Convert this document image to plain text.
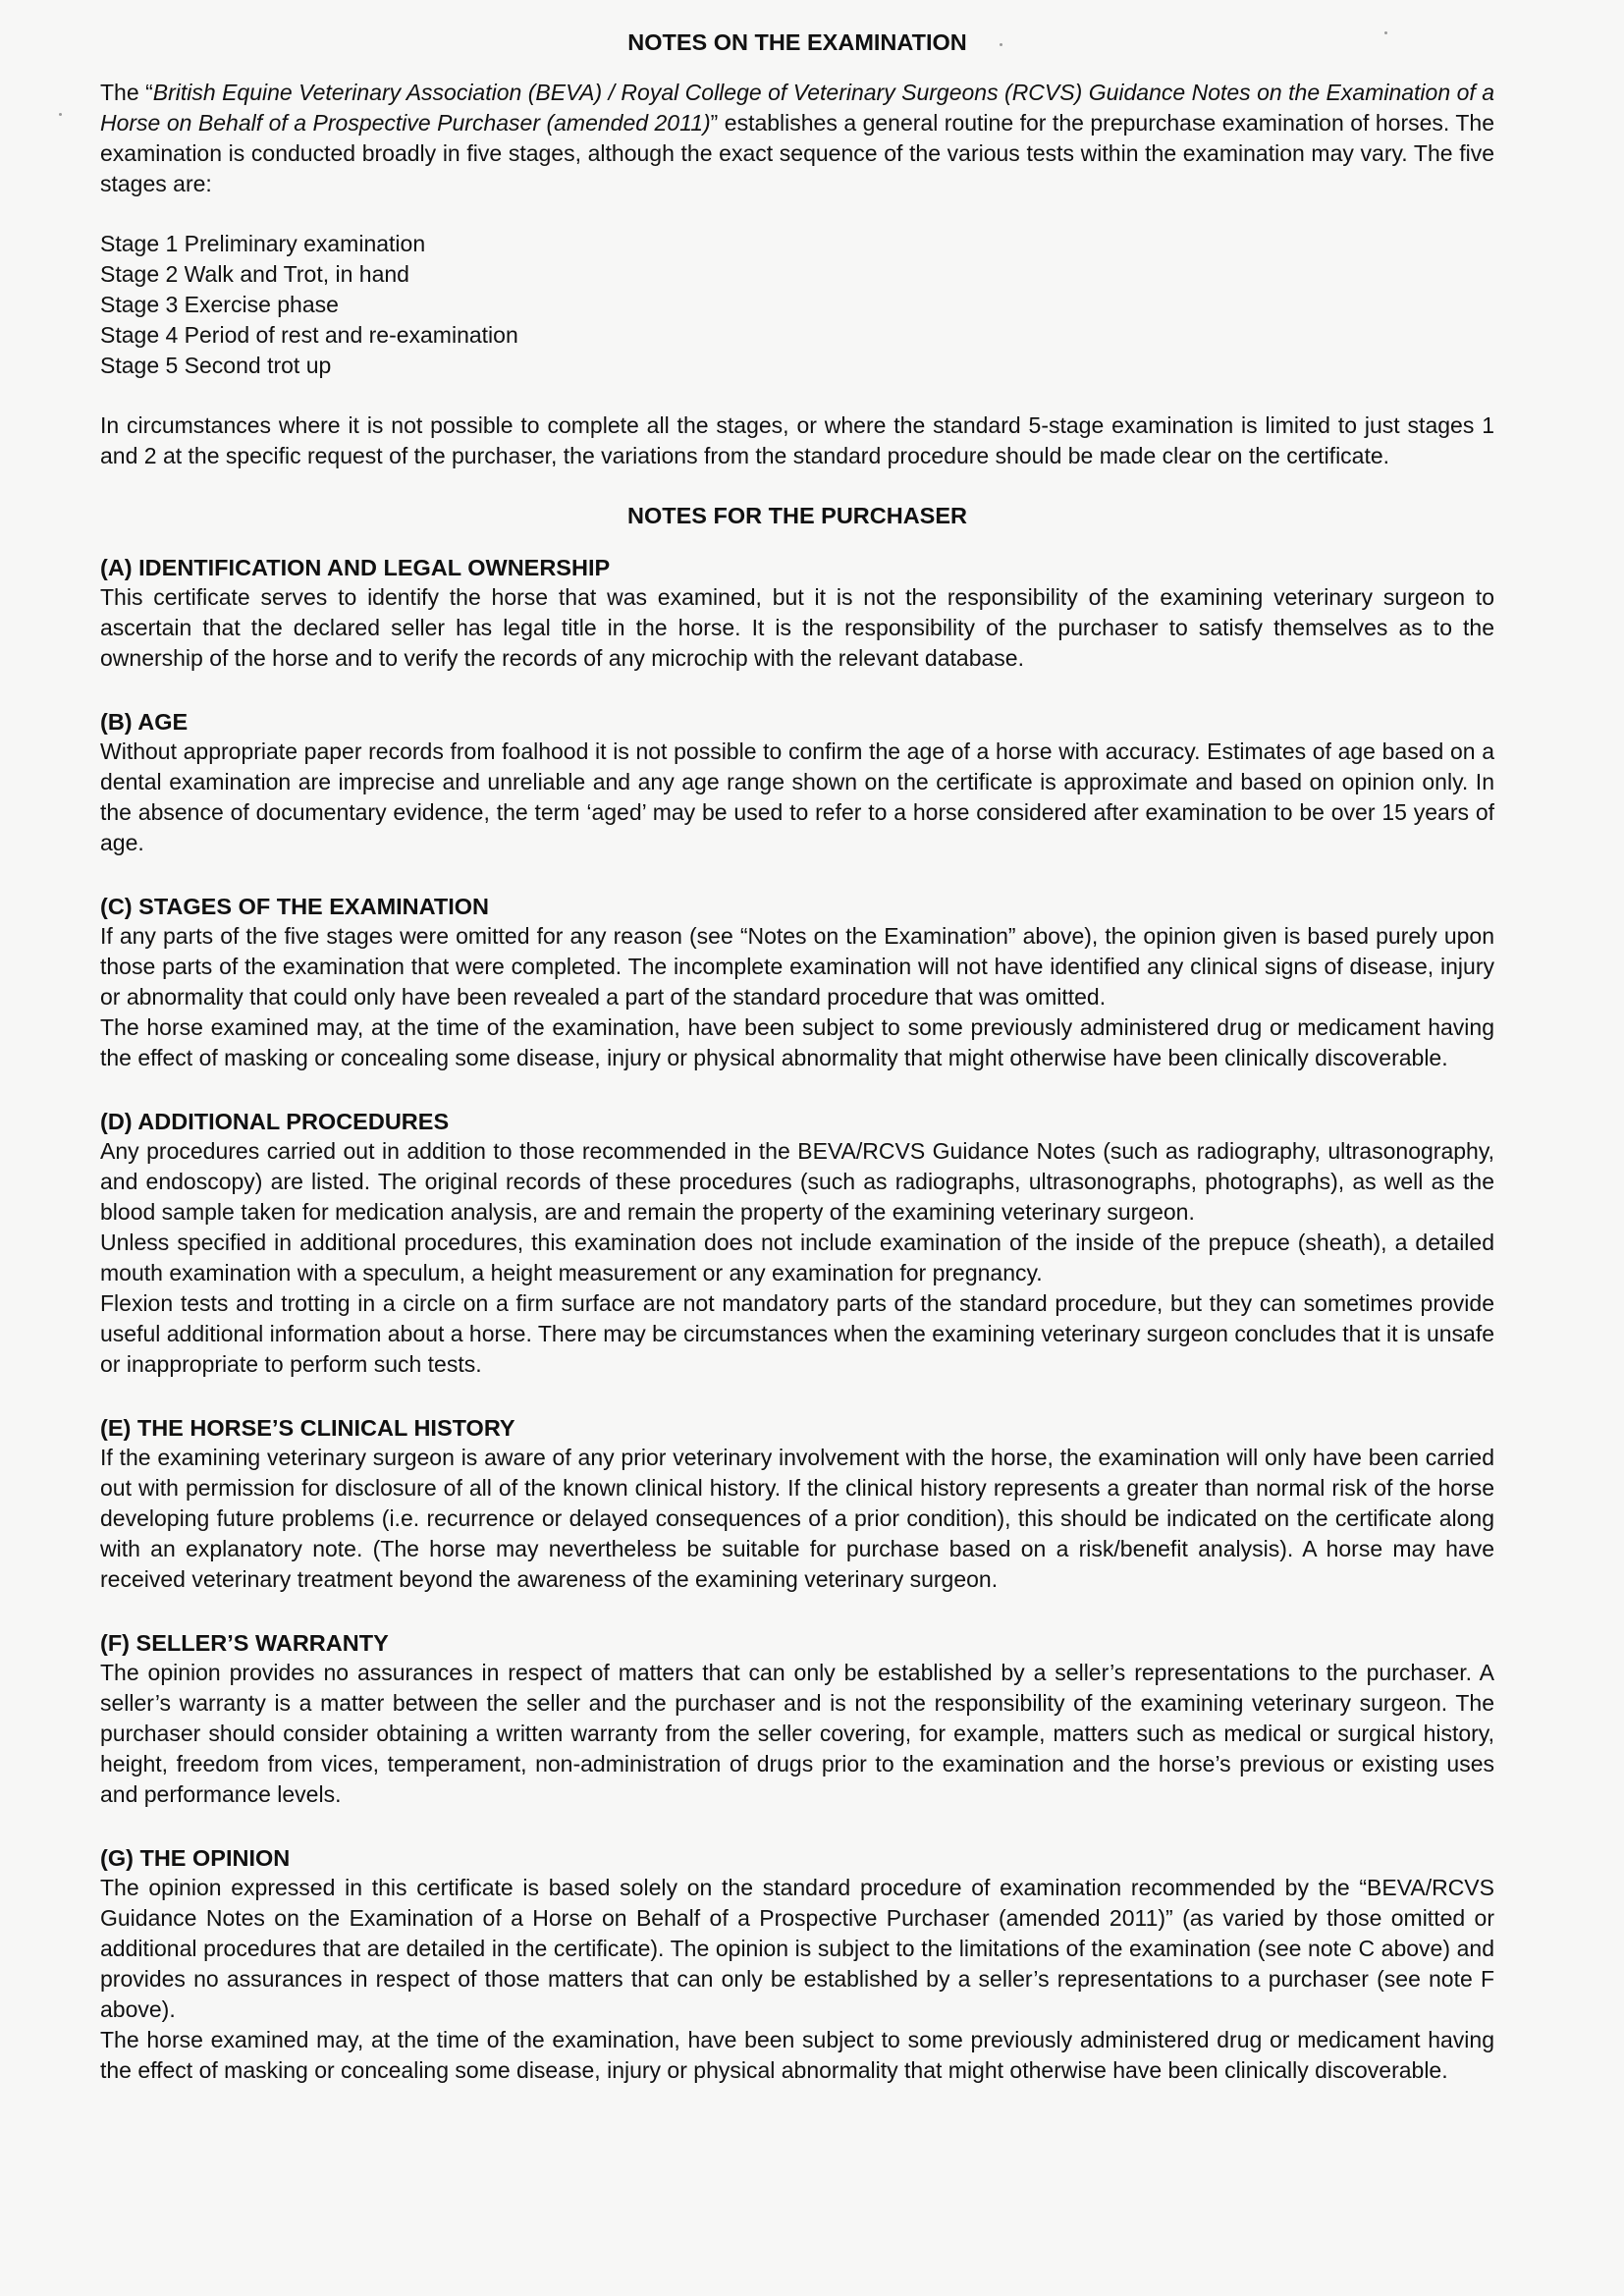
NOTES ON THE EXAMINATION

The “British Equine Veterinary Association (BEVA) / Royal College of Veterinary Surgeons (RCVS) Guidance Notes on the Examination of a Horse on Behalf of a Prospective Purchaser (amended 2011)” establishes a general routine for the prepurchase examination of horses. The examination is conducted broadly in five stages, although the exact sequence of the various tests within the examination may vary. The five stages are:

Stage 1 Preliminary examination
Stage 2 Walk and Trot, in hand
Stage 3 Exercise phase
Stage 4 Period of rest and re-examination
Stage 5 Second trot up

In circumstances where it is not possible to complete all the stages, or where the standard 5-stage examination is limited to just stages 1 and 2 at the specific request of the purchaser, the variations from the standard procedure should be made clear on the certificate.

NOTES FOR THE PURCHASER
(A) IDENTIFICATION AND LEGAL OWNERSHIP

This certificate serves to identify the horse that was examined, but it is not the responsibility of the examining veterinary surgeon to ascertain that the declared seller has legal title in the horse. It is the responsibility of the purchaser to satisfy themselves as to the ownership of the horse and to verify the records of any microchip with the relevant database.

(B) AGE

Without appropriate paper records from foalhood it is not possible to confirm the age of a horse with accuracy. Estimates of age based on a dental examination are imprecise and unreliable and any age range shown on the certificate is approximate and based on opinion only. In the absence of documentary evidence, the term ‘aged’ may be used to refer to a horse considered after examination to be over 15 years of age.

(C) STAGES OF THE EXAMINATION

If any parts of the five stages were omitted for any reason (see “Notes on the Examination” above), the opinion given is based purely upon those parts of the examination that were completed. The incomplete examination will not have identified any clinical signs of disease, injury or abnormality that could only have been revealed a part of the standard procedure that was omitted.

The horse examined may, at the time of the examination, have been subject to some previously administered drug or medicament having the effect of masking or concealing some disease, injury or physical abnormality that might otherwise have been clinically discoverable.

(D) ADDITIONAL PROCEDURES

Any procedures carried out in addition to those recommended in the BEVA/RCVS Guidance Notes (such as radiography, ultrasonography, and endoscopy) are listed. The original records of these procedures (such as radiographs, ultrasonographs, photographs), as well as the blood sample taken for medication analysis, are and remain the property of the examining veterinary surgeon.

Unless specified in additional procedures, this examination does not include examination of the inside of the prepuce (sheath), a detailed mouth examination with a speculum, a height measurement or any examination for pregnancy.

Flexion tests and trotting in a circle on a firm surface are not mandatory parts of the standard procedure, but they can sometimes provide useful additional information about a horse. There may be circumstances when the examining veterinary surgeon concludes that it is unsafe or inappropriate to perform such tests.

(E) THE HORSE’S CLINICAL HISTORY

If the examining veterinary surgeon is aware of any prior veterinary involvement with the horse, the examination will only have been carried out with permission for disclosure of all of the known clinical history. If the clinical history represents a greater than normal risk of the horse developing future problems (i.e. recurrence or delayed consequences of a prior condition), this should be indicated on the certificate along with an explanatory note. (The horse may nevertheless be suitable for purchase based on a risk/benefit analysis). A horse may have received veterinary treatment beyond the awareness of the examining veterinary surgeon.

(F) SELLER’S WARRANTY

The opinion provides no assurances in respect of matters that can only be established by a seller’s representations to the purchaser. A seller’s warranty is a matter between the seller and the purchaser and is not the responsibility of the examining veterinary surgeon. The purchaser should consider obtaining a written warranty from the seller covering, for example, matters such as medical or surgical history, height, freedom from vices, temperament, non-administration of drugs prior to the examination and the horse’s previous or existing uses and performance levels.

(G) THE OPINION

The opinion expressed in this certificate is based solely on the standard procedure of examination recommended by the “BEVA/RCVS Guidance Notes on the Examination of a Horse on Behalf of a Prospective Purchaser (amended 2011)” (as varied by those omitted or additional procedures that are detailed in the certificate). The opinion is subject to the limitations of the examination (see note C above) and provides no assurances in respect of those matters that can only be established by a seller’s representations to a purchaser (see note F above).

The horse examined may, at the time of the examination, have been subject to some previously administered drug or medicament having the effect of masking or concealing some disease, injury or physical abnormality that might otherwise have been clinically discoverable.
